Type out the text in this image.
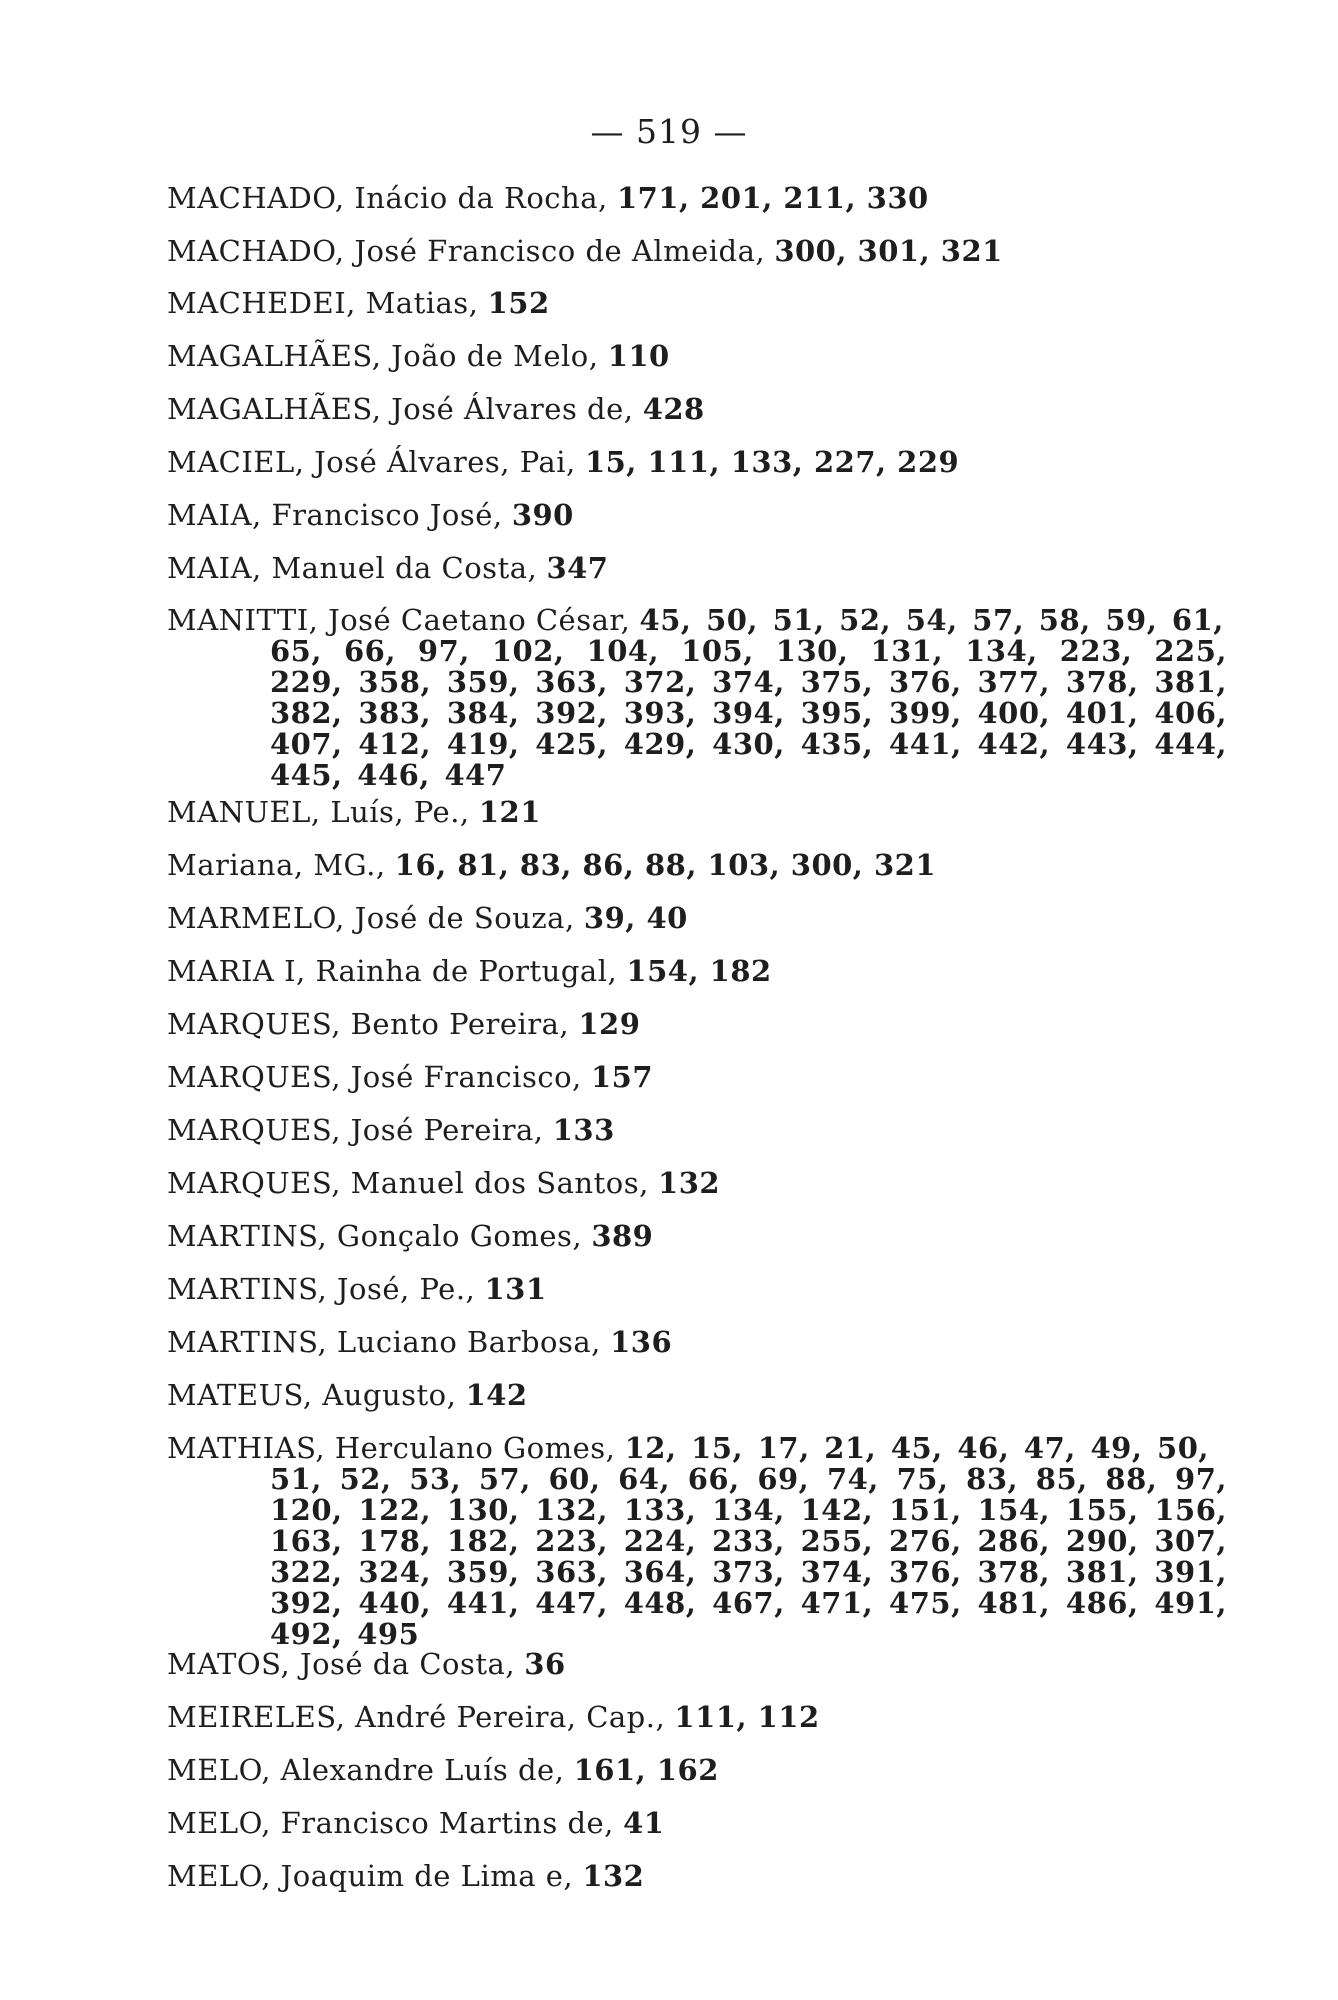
— 519 —
MACHADO, Inácio da Rocha, 171, 201, 211, 330
MACHADO, José Francisco de Almeida, 300, 301, 321
MACHEDEI, Matias, 152
MAGALHÃES, João de Melo, 110
MAGALHÃES, José Álvares de, 428
MACIEL, José Álvares, Pai, 15, 111, 133, 227, 229
MAIA, Francisco José, 390
MAIA, Manuel da Costa, 347
MANITTI, José Caetano César, 45, 50, 51, 52, 54, 57, 58, 59, 61,
65, 66, 97, 102, 104, 105, 130, 131, 134, 223, 225, 229, 358, 359, 363, 372, 374, 375, 376, 377, 378, 381, 382, 383, 384, 392, 393, 394, 395, 399, 400, 401, 406, 407, 412, 419, 425, 429, 430, 435, 441, 442, 443, 444, 445, 446, 447
MANUEL, Luís, Pe., 121
Mariana, MG., 16, 81, 83, 86, 88, 103, 300, 321
MARMELO, José de Souza, 39, 40
MARIA I, Rainha de Portugal, 154, 182
MARQUES, Bento Pereira, 129
MARQUES, José Francisco, 157
MARQUES, José Pereira, 133
MARQUES, Manuel dos Santos, 132
MARTINS, Gonçalo Gomes, 389
MARTINS, José, Pe., 131
MARTINS, Luciano Barbosa, 136
MATEUS, Augusto, 142
MATHIAS, Herculano Gomes, 12, 15, 17, 21, 45, 46, 47, 49, 50,
51, 52, 53, 57, 60, 64, 66, 69, 74, 75, 83, 85, 88, 97, 120, 122, 130, 132, 133, 134, 142, 151, 154, 155, 156, 163, 178, 182, 223, 224, 233, 255, 276, 286, 290, 307, 322, 324, 359, 363, 364, 373, 374, 376, 378, 381, 391, 392, 440, 441, 447, 448, 467, 471, 475, 481, 486, 491, 492, 495
MATOS, José da Costa, 36
MEIRELES, André Pereira, Cap., 111, 112
MELO, Alexandre Luís de, 161, 162
MELO, Francisco Martins de, 41
MELO, Joaquim de Lima e, 132
